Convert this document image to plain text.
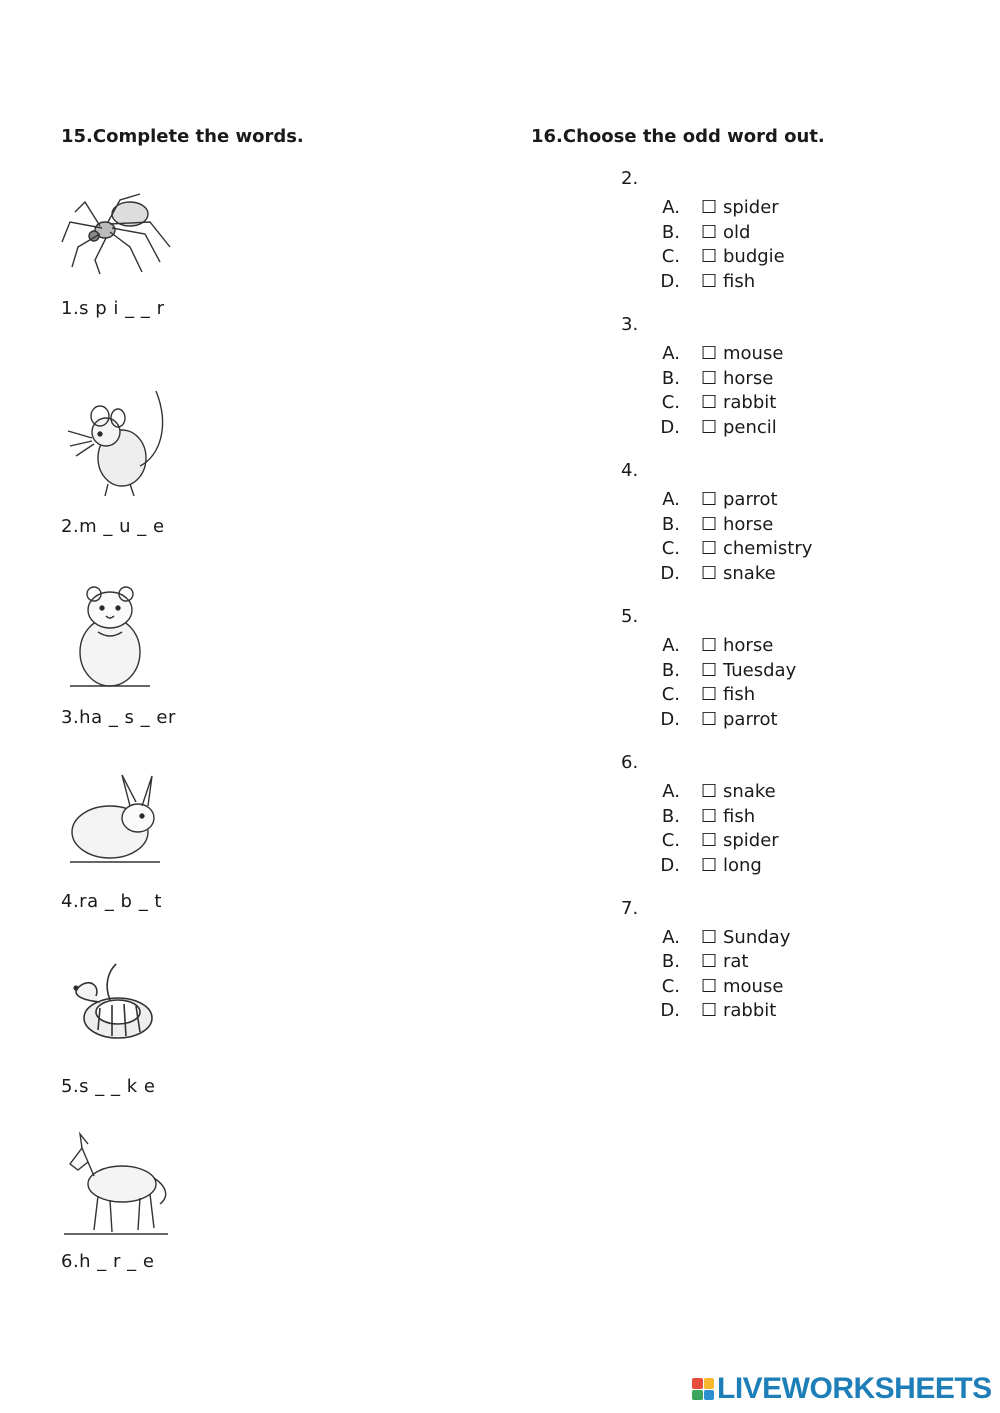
15.Complete the words.	16.Choose the odd word out.
1.s p i _ _ r
2.m _ u _ e
3.ha _ s _ er
4.ra _ b _ t
5.s _ _ k e
6.h _ r _ e
2.
A. ☐ spider
B. ☐ old
C. ☐ budgie
D. ☐ fish
3.
A. ☐ mouse
B. ☐ horse
C. ☐ rabbit
D. ☐ pencil
4.
A. ☐ parrot
B. ☐ horse
C. ☐ chemistry
D. ☐ snake
5.
A. ☐ horse
B. ☐ Tuesday
C. ☐ fish
D. ☐ parrot
6.
A. ☐ snake
B. ☐ fish
C. ☐ spider
D. ☐ long
7.
A. ☐ Sunday
B. ☐ rat
C. ☐ mouse
D. ☐ rabbit
LIVEWORKSHEETS
